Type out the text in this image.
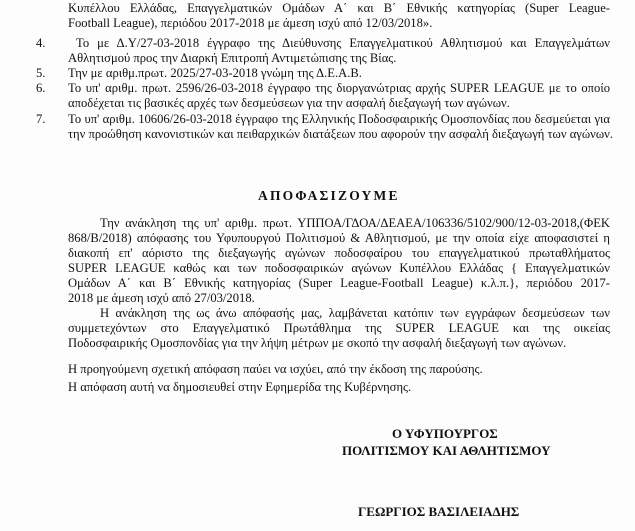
Κυπέλλου Ελλάδας, Επαγγελματικών Ομάδων Α΄ και Β΄ Εθνικής κατηγορίας (Super League-
Football League), περιόδου 2017-2018 με άμεση ισχύ από 12/03/2018».
4. Το με Δ.Υ/27-03-2018 έγγραφο της Διεύθυνσης Επαγγελματικού Αθλητισμού και Επαγγελμάτων
Αθλητισμού προς την Διαρκή Επιτροπή Αντιμετώπισης της Βίας.
5. Την με αριθμ.πρωτ. 2025/27-03-2018 γνώμη της Δ.Ε.Α.Β.
6. Το υπ' αριθμ. πρωτ. 2596/26-03-2018 έγγραφο της διοργανώτριας αρχής SUPER LEAGUE με το οποίο
αποδέχεται τις βασικές αρχές των δεσμεύσεων για την ασφαλή διεξαγωγή των αγώνων.
7. Το υπ' αριθμ. 10606/26-03-2018 έγγραφο της Ελληνικής Ποδοσφαιρικής Ομοσπονδίας που δεσμεύεται για
την προώθηση κανονιστικών και πειθαρχικών διατάξεων που αφορούν την ασφαλή διεξαγωγή των αγώνων.
ΑΠΟΦΑΣΙΖΟΥΜΕ
Την ανάκληση της υπ' αριθμ. πρωτ. ΥΠΠΟΑ/ΓΔΟΑ/ΔΕΑΕΑ/106336/5102/900/12-03-2018,(ΦΕΚ
868/Β/2018) απόφασης του Υφυπουργού Πολιτισμού & Αθλητισμού, με την οποία είχε αποφασιστεί η
διακοπή επ' αόριστο της διεξαγωγής αγώνων ποδοσφαίρου του επαγγελματικού πρωταθλήματος
SUPER LEAGUE καθώς και των ποδοσφαιρικών αγώνων Κυπέλλου Ελλάδας { Επαγγελματικών
Ομάδων Α΄ και Β΄ Εθνικής κατηγορίας (Super League-Football League) κ.λ.π.}, περιόδου 2017-
2018 με άμεση ισχύ από 27/03/2018.
Η ανάκληση της ως άνω απόφασής μας, λαμβάνεται κατόπιν των εγγράφων δεσμεύσεων των
συμμετεχόντων στο Επαγγελματικό Πρωτάθλημα της SUPER LEAGUE και της οικείας
Ποδοσφαιρικής Ομοσπονδίας για την λήψη μέτρων με σκοπό την ασφαλή διεξαγωγή των αγώνων.
Η προηγούμενη σχετική απόφαση παύει να ισχύει, από την έκδοση της παρούσης.
Η απόφαση αυτή να δημοσιευθεί στην Εφημερίδα της Κυβέρνησης.
Ο ΥΦΥΠΟΥΡΓΟΣ
ΠΟΛΙΤΙΣΜΟΥ ΚΑΙ ΑΘΛΗΤΙΣΜΟΥ
ΓΕΩΡΓΙΟΣ ΒΑΣΙΛΕΙΑΔΗΣ
